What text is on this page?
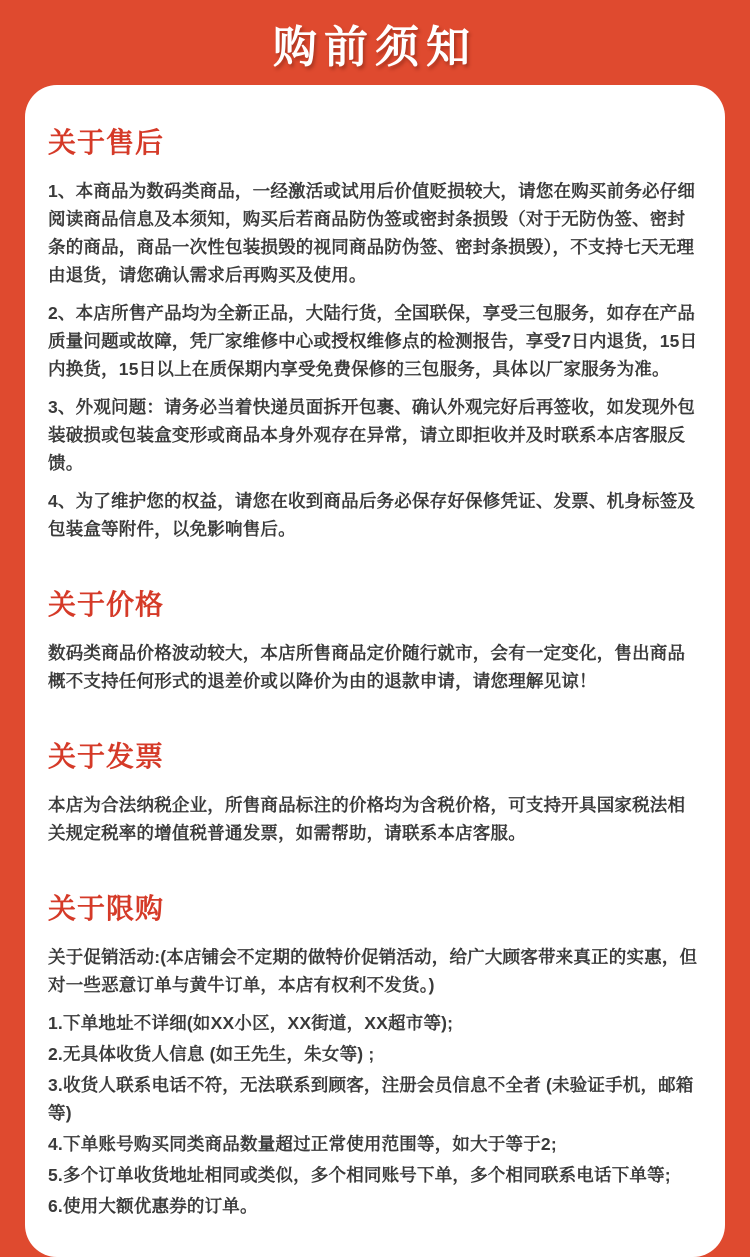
购前须知
关于售后

1、本商品为数码类商品，一经激活或试用后价值贬损较大，请您在购买前务必仔细阅读商品信息及本须知，购买后若商品防伪签或密封条损毁（对于无防伪签、密封条的商品，商品一次性包装损毁的视同商品防伪签、密封条损毁），不支持七天无理由退货，请您确认需求后再购买及使用。

2、本店所售产品均为全新正品，大陆行货，全国联保，享受三包服务，如存在产品质量问题或故障，凭厂家维修中心或授权维修点的检测报告，享受7日内退货，15日内换货，15日以上在质保期内享受免费保修的三包服务，具体以厂家服务为准。

3、外观问题：请务必当着快递员面拆开包裹、确认外观完好后再签收，如发现外包装破损或包装盒变形或商品本身外观存在异常，请立即拒收并及时联系本店客服反馈。

4、为了维护您的权益，请您在收到商品后务必保存好保修凭证、发票、机身标签及包装盒等附件，以免影响售后。

关于价格

数码类商品价格波动较大，本店所售商品定价随行就市，会有一定变化，售出商品概不支持任何形式的退差价或以降价为由的退款申请，请您理解见谅！

关于发票

本店为合法纳税企业，所售商品标注的价格均为含税价格，可支持开具国家税法相关规定税率的增值税普通发票，如需帮助，请联系本店客服。

关于限购

关于促销活动:(本店铺会不定期的做特价促销活动，给广大顾客带来真正的实惠，但对一些恶意订单与黄牛订单，本店有权利不发货。)

1.下单地址不详细(如XX小区，XX街道，XX超市等);

2.无具体收货人信息 (如王先生，朱女等) ;

3.收货人联系电话不符，无法联系到顾客，注册会员信息不全者 (未验证手机，邮箱等)

4.下单账号购买同类商品数量超过正常使用范围等，如大于等于2;

5.多个订单收货地址相同或类似，多个相同账号下单，多个相同联系电话下单等;

6.使用大额优惠券的订单。
